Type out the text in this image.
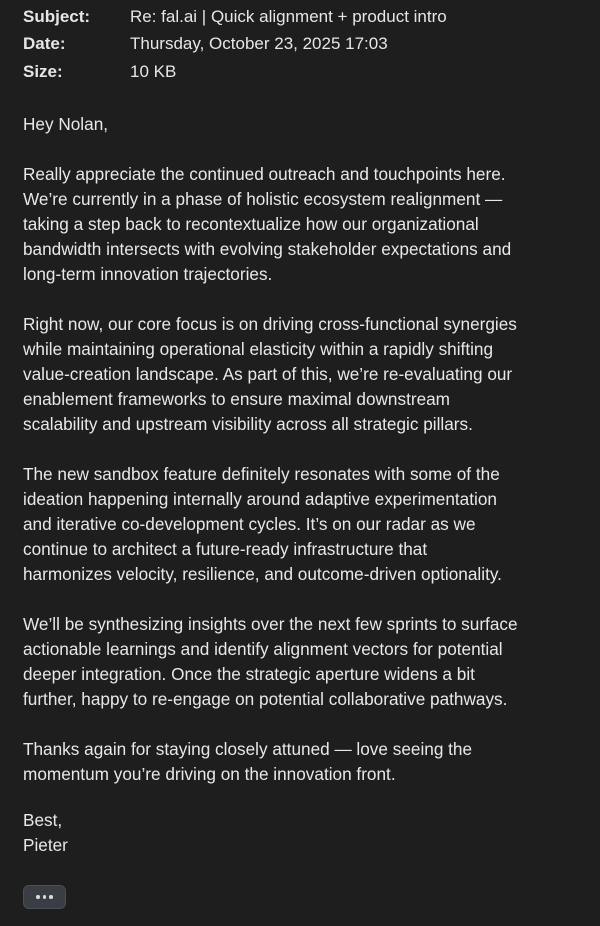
Subject:	Re: fal.ai | Quick alignment + product intro
Date:	Thursday, October 23, 2025 17:03
Size:	10 KB

Hey Nolan,

Really appreciate the continued outreach and touchpoints here.
We’re currently in a phase of holistic ecosystem realignment —
taking a step back to recontextualize how our organizational
bandwidth intersects with evolving stakeholder expectations and
long-term innovation trajectories.

Right now, our core focus is on driving cross-functional synergies
while maintaining operational elasticity within a rapidly shifting
value-creation landscape. As part of this, we’re re-evaluating our
enablement frameworks to ensure maximal downstream
scalability and upstream visibility across all strategic pillars.

The new sandbox feature definitely resonates with some of the
ideation happening internally around adaptive experimentation
and iterative co-development cycles. It’s on our radar as we
continue to architect a future-ready infrastructure that
harmonizes velocity, resilience, and outcome-driven optionality.

We’ll be synthesizing insights over the next few sprints to surface
actionable learnings and identify alignment vectors for potential
deeper integration. Once the strategic aperture widens a bit
further, happy to re-engage on potential collaborative pathways.

Thanks again for staying closely attuned — love seeing the
momentum you’re driving on the innovation front.

Best,
Pieter
